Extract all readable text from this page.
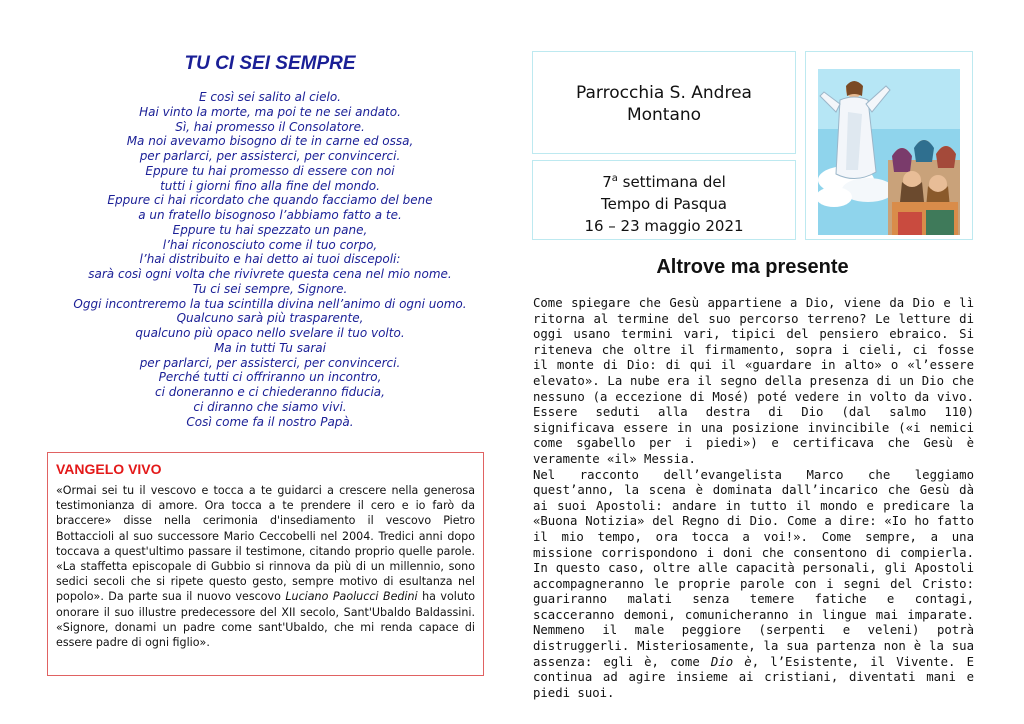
TU CI SEI SEMPRE
E così sei salito al cielo.
Hai vinto la morte, ma poi te ne sei andato.
Sì, hai promesso il Consolatore.
Ma noi avevamo bisogno di te in carne ed ossa,
per parlarci, per assisterci, per convincerci.
Eppure tu hai promesso di essere con noi
tutti i giorni fino alla fine del mondo.
Eppure ci hai ricordato che quando facciamo del bene
a un fratello bisognoso l’abbiamo fatto a te.
Eppure tu hai spezzato un pane,
l’hai riconosciuto come il tuo corpo,
l’hai distribuito e hai detto ai tuoi discepoli:
sarà così ogni volta che rivivrete questa cena nel mio nome.
Tu ci sei sempre, Signore.
Oggi incontreremo la tua scintilla divina nell’animo di ogni uomo.
Qualcuno sarà più trasparente,
qualcuno più opaco nello svelare il tuo volto.
Ma in tutti Tu sarai
per parlarci, per assisterci, per convincerci.
Perché tutti ci offriranno un incontro,
ci doneranno e ci chiederanno fiducia,
ci diranno che siamo vivi.
Così come fa il nostro Papà.
VANGELO VIVO
«Ormai sei tu il vescovo e tocca a te guidarci a crescere nella generosa testimonianza di amore. Ora tocca a te prendere il cero e io farò da braccere» disse nella cerimonia d'insediamento il vescovo Pietro Bottaccioli al suo successore Mario Ceccobelli nel 2004. Tredici anni dopo toccava a quest'ultimo passare il testimone, citando proprio quelle parole. «La staffetta episcopale di Gubbio si rinnova da più di un millennio, sono sedici secoli che si ripete questo gesto, sempre motivo di esultanza nel popolo». Da parte sua il nuovo vescovo Luciano Paolucci Bedini ha voluto onorare il suo illustre predecessore del XII secolo, Sant'Ubaldo Baldassini. «Signore, donami un padre come sant'Ubaldo, che mi renda capace di essere padre di ogni figlio».
Parrocchia S. Andrea
Montano
7$^a$ settimana del
Tempo di Pasqua
16 – 23 maggio 2021
Altrove ma presente

Come spiegare che Gesù appartiene a Dio, viene da Dio e lì ritorna al termine del suo percorso terreno? Le letture di oggi usano termini vari, tipici del pensiero ebraico. Si riteneva che oltre il firmamento, sopra i cieli, ci fosse il monte di Dio: di qui il «guardare in alto» o «l’essere elevato». La nube era il segno della presenza di un Dio che nessuno (a eccezione di Mosé) poté vedere in volto da vivo. Essere seduti alla destra di Dio (dal salmo 110) significava essere in una posizione invincibile («i nemici come sgabello per i piedi») e certificava che Gesù è veramente «il» Messia.

Nel racconto dell’evangelista Marco che leggiamo quest’anno, la scena è dominata dall’incarico che Gesù dà ai suoi Apostoli: andare in tutto il mondo e predicare la «Buona Notizia» del Regno di Dio. Come a dire: «Io ho fatto il mio tempo, ora tocca a voi!». Come sempre, a una missione corrispondono i doni che consentono di compierla. In questo caso, oltre alle capacità personali, gli Apostoli accompagneranno le proprie parole con i segni del Cristo: guariranno malati senza temere fatiche e contagi, scacceranno demoni, comunicheranno in lingue mai imparate. Nemmeno il male peggiore (serpenti e veleni) potrà distruggerli. Misteriosamente, la sua partenza non è la sua assenza: egli è, come Dio è, l’Esistente, il Vivente. E continua ad agire insieme ai cristiani, diventati mani e piedi suoi.
